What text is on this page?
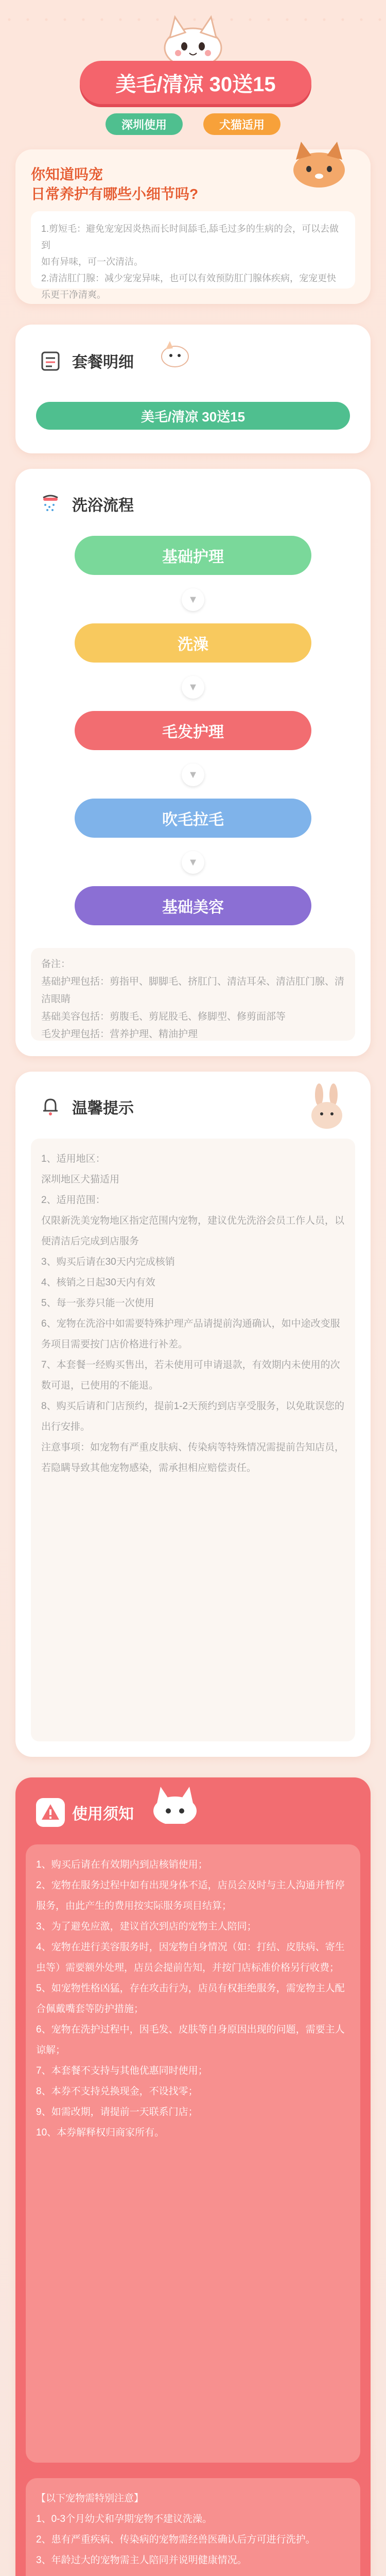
美毛/清凉 30送15
深圳使用	犬猫适用
你知道吗宠
日常养护有哪些小细节吗?
1.剪短毛：避免宠宠因炎热而长时间舔毛,舔毛过多的生病的会，可以去做到
如有异味，可一次清洁。
2.清洁肛门腺：减少宠宠异味，也可以有效预防肛门腺体疾病，宠宠更快乐更干净清爽。
套餐明细
美毛/清凉 30送15
洗浴流程
基础护理
▼
洗澡
▼
毛发护理
▼
吹毛拉毛
▼
基础美容
备注：
基础护理包括：剪指甲、脚脚毛、挤肛门、清洁耳朵、清洁肛门腺、清洁眼睛
基础美容包括：剪腹毛、剪屁股毛、修脚型、修剪面部等
毛发护理包括：营养护理、精油护理
温馨提示
1、适用地区：
深圳地区犬猫适用
2、适用范围：
仅限新洗美宠物地区指定范围内宠物，建议优先洗浴会员工作人员，以便清洁后完成到店服务
3、购买后请在30天内完成核销
4、核销之日起30天内有效
5、每一张券只能一次使用
6、宠物在洗浴中如需要特殊护理产品请提前沟通确认，如中途改变服务项目需要按门店价格进行补差。
7、本套餐一经购买售出，若未使用可申请退款，有效期内未使用的次数可退，已使用的不能退。
8、购买后请和门店预约，提前1-2天预约到店享受服务，以免耽误您的出行安排。
注意事项：如宠物有严重皮肤病、传染病等特殊情况需提前告知店员，若隐瞒导致其他宠物感染，需承担相应赔偿责任。
使用须知
1、购买后请在有效期内到店核销使用；
2、宠物在服务过程中如有出现身体不适，店员会及时与主人沟通并暂停服务，由此产生的费用按实际服务项目结算；
3、为了避免应激，建议首次到店的宠物主人陪同；
4、宠物在进行美容服务时，因宠物自身情况（如：打结、皮肤病、寄生虫等）需要额外处理，店员会提前告知，并按门店标准价格另行收费；
5、如宠物性格凶猛，存在攻击行为，店员有权拒绝服务，需宠物主人配合佩戴嘴套等防护措施；
6、宠物在洗护过程中，因毛发、皮肤等自身原因出现的问题，需要主人谅解；
7、本套餐不支持与其他优惠同时使用；
8、本券不支持兑换现金，不设找零；
9、如需改期，请提前一天联系门店；
10、本券解释权归商家所有。
【以下宠物需特别注意】
1、0-3个月幼犬和孕期宠物不建议洗澡。
2、患有严重疾病、传染病的宠物需经兽医确认后方可进行洗护。
3、年龄过大的宠物需主人陪同并说明健康情况。
